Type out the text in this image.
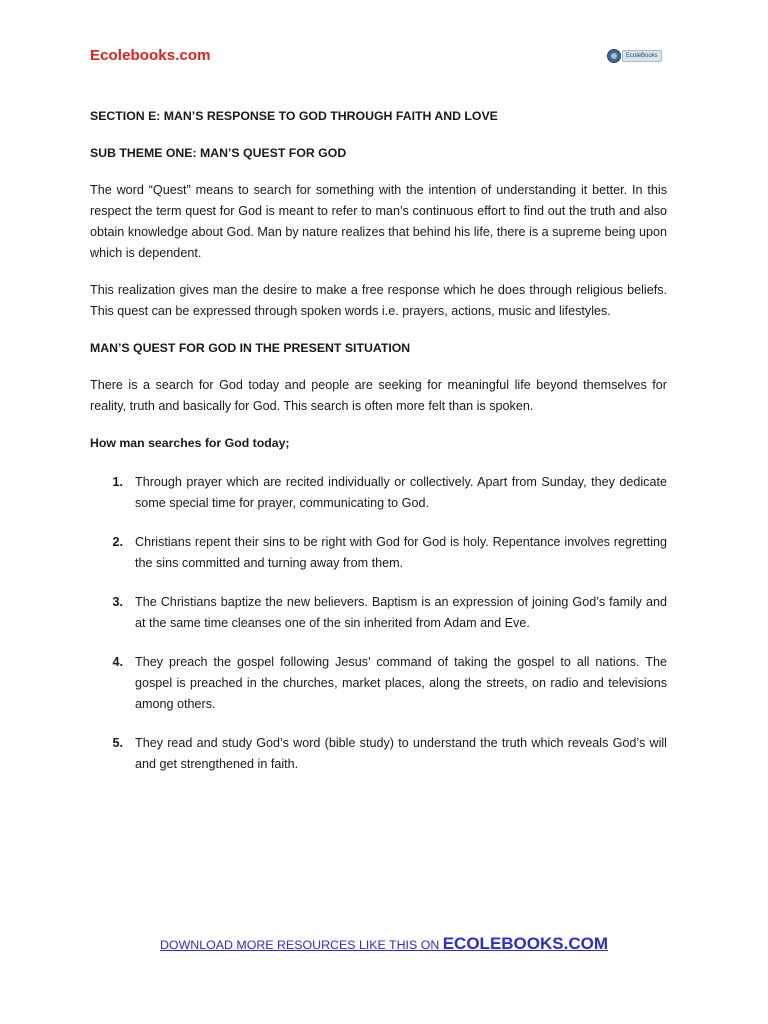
Ecolebooks.com	EcoleBooks
SECTION E: MAN’S RESPONSE TO GOD THROUGH FAITH AND LOVE
SUB THEME ONE: MAN’S QUEST FOR GOD

The word “Quest” means to search for something with the intention of understanding it better. In this respect the term quest for God is meant to refer to man’s continuous effort to find out the truth and also obtain knowledge about God. Man by nature realizes that behind his life, there is a supreme being upon which is dependent.

This realization gives man the desire to make a free response which he does through religious beliefs. This quest can be expressed through spoken words i.e. prayers, actions, music and lifestyles.

MAN’S QUEST FOR GOD IN THE PRESENT SITUATION

There is a search for God today and people are seeking for meaningful life beyond themselves for reality, truth and basically for God. This search is often more felt than is spoken.

How man searches for God today;
1. Through prayer which are recited individually or collectively. Apart from Sunday, they dedicate some special time for prayer, communicating to God.
2. Christians repent their sins to be right with God for God is holy. Repentance involves regretting the sins committed and turning away from them.
3. The Christians baptize the new believers. Baptism is an expression of joining God’s family and at the same time cleanses one of the sin inherited from Adam and Eve.
4. They preach the gospel following Jesus’ command of taking the gospel to all nations. The gospel is preached in the churches, market places, along the streets, on radio and televisions among others.
5. They read and study God’s word (bible study) to understand the truth which reveals God’s will and get strengthened in faith.
DOWNLOAD MORE RESOURCES LIKE THIS ON ECOLEBOOKS.COM
